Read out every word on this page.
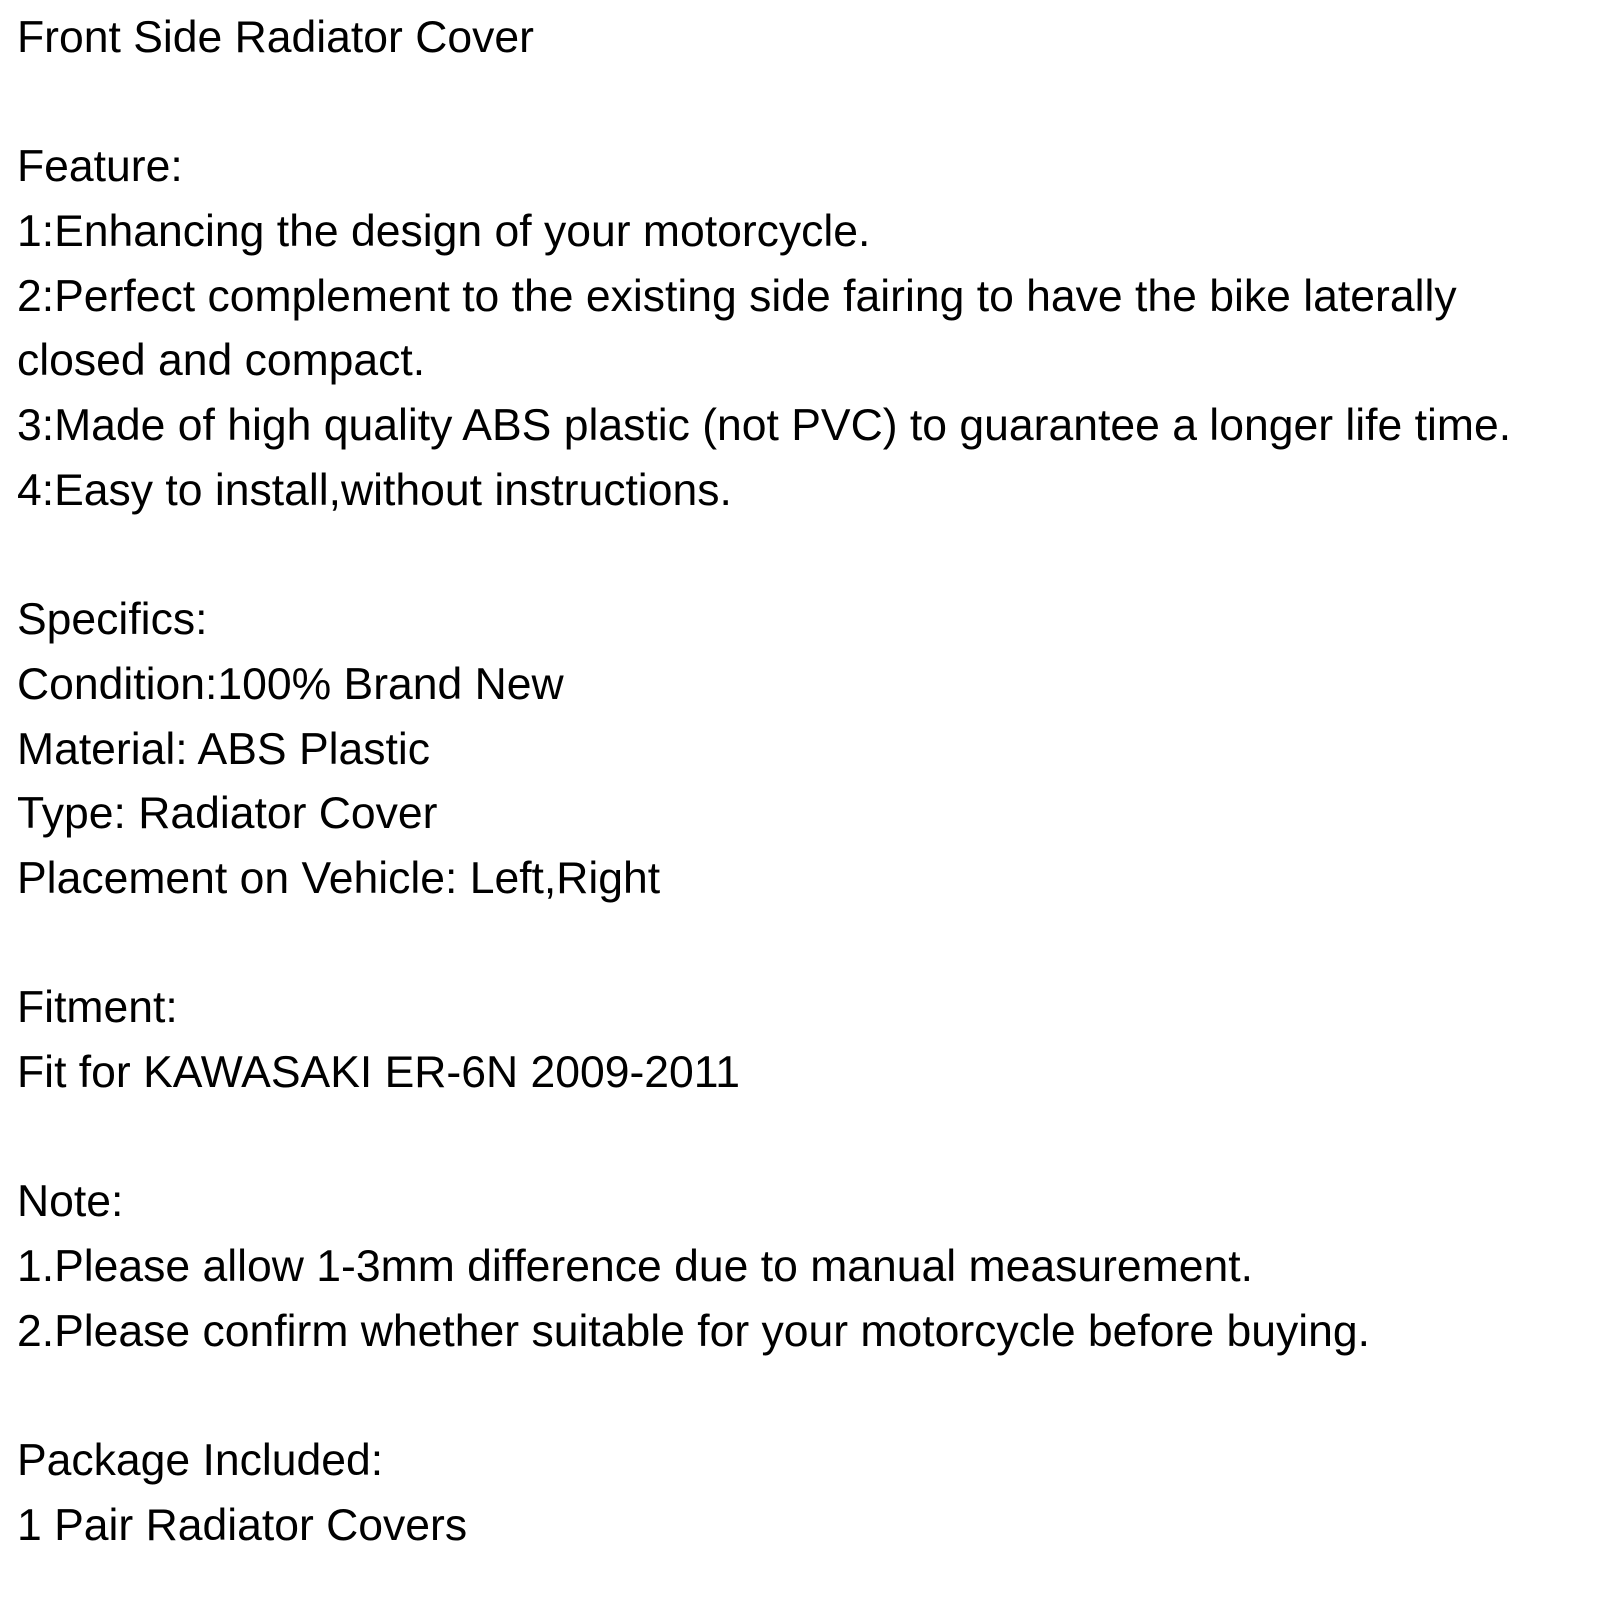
Front Side Radiator Cover
Feature:
1:Enhancing the design of your motorcycle.
2:Perfect complement to the existing side fairing to have the bike laterally
closed and compact.
3:Made of high quality ABS plastic (not PVC) to guarantee a longer life time.
4:Easy to install,without instructions.
Specifics:
Condition:100% Brand New
Material: ABS Plastic
Type: Radiator Cover
Placement on Vehicle: Left,Right
Fitment:
Fit for KAWASAKI ER-6N 2009-2011
Note:
1.Please allow 1-3mm difference due to manual measurement.
2.Please confirm whether suitable for your motorcycle before buying.
Package Included:
1 Pair Radiator Covers
